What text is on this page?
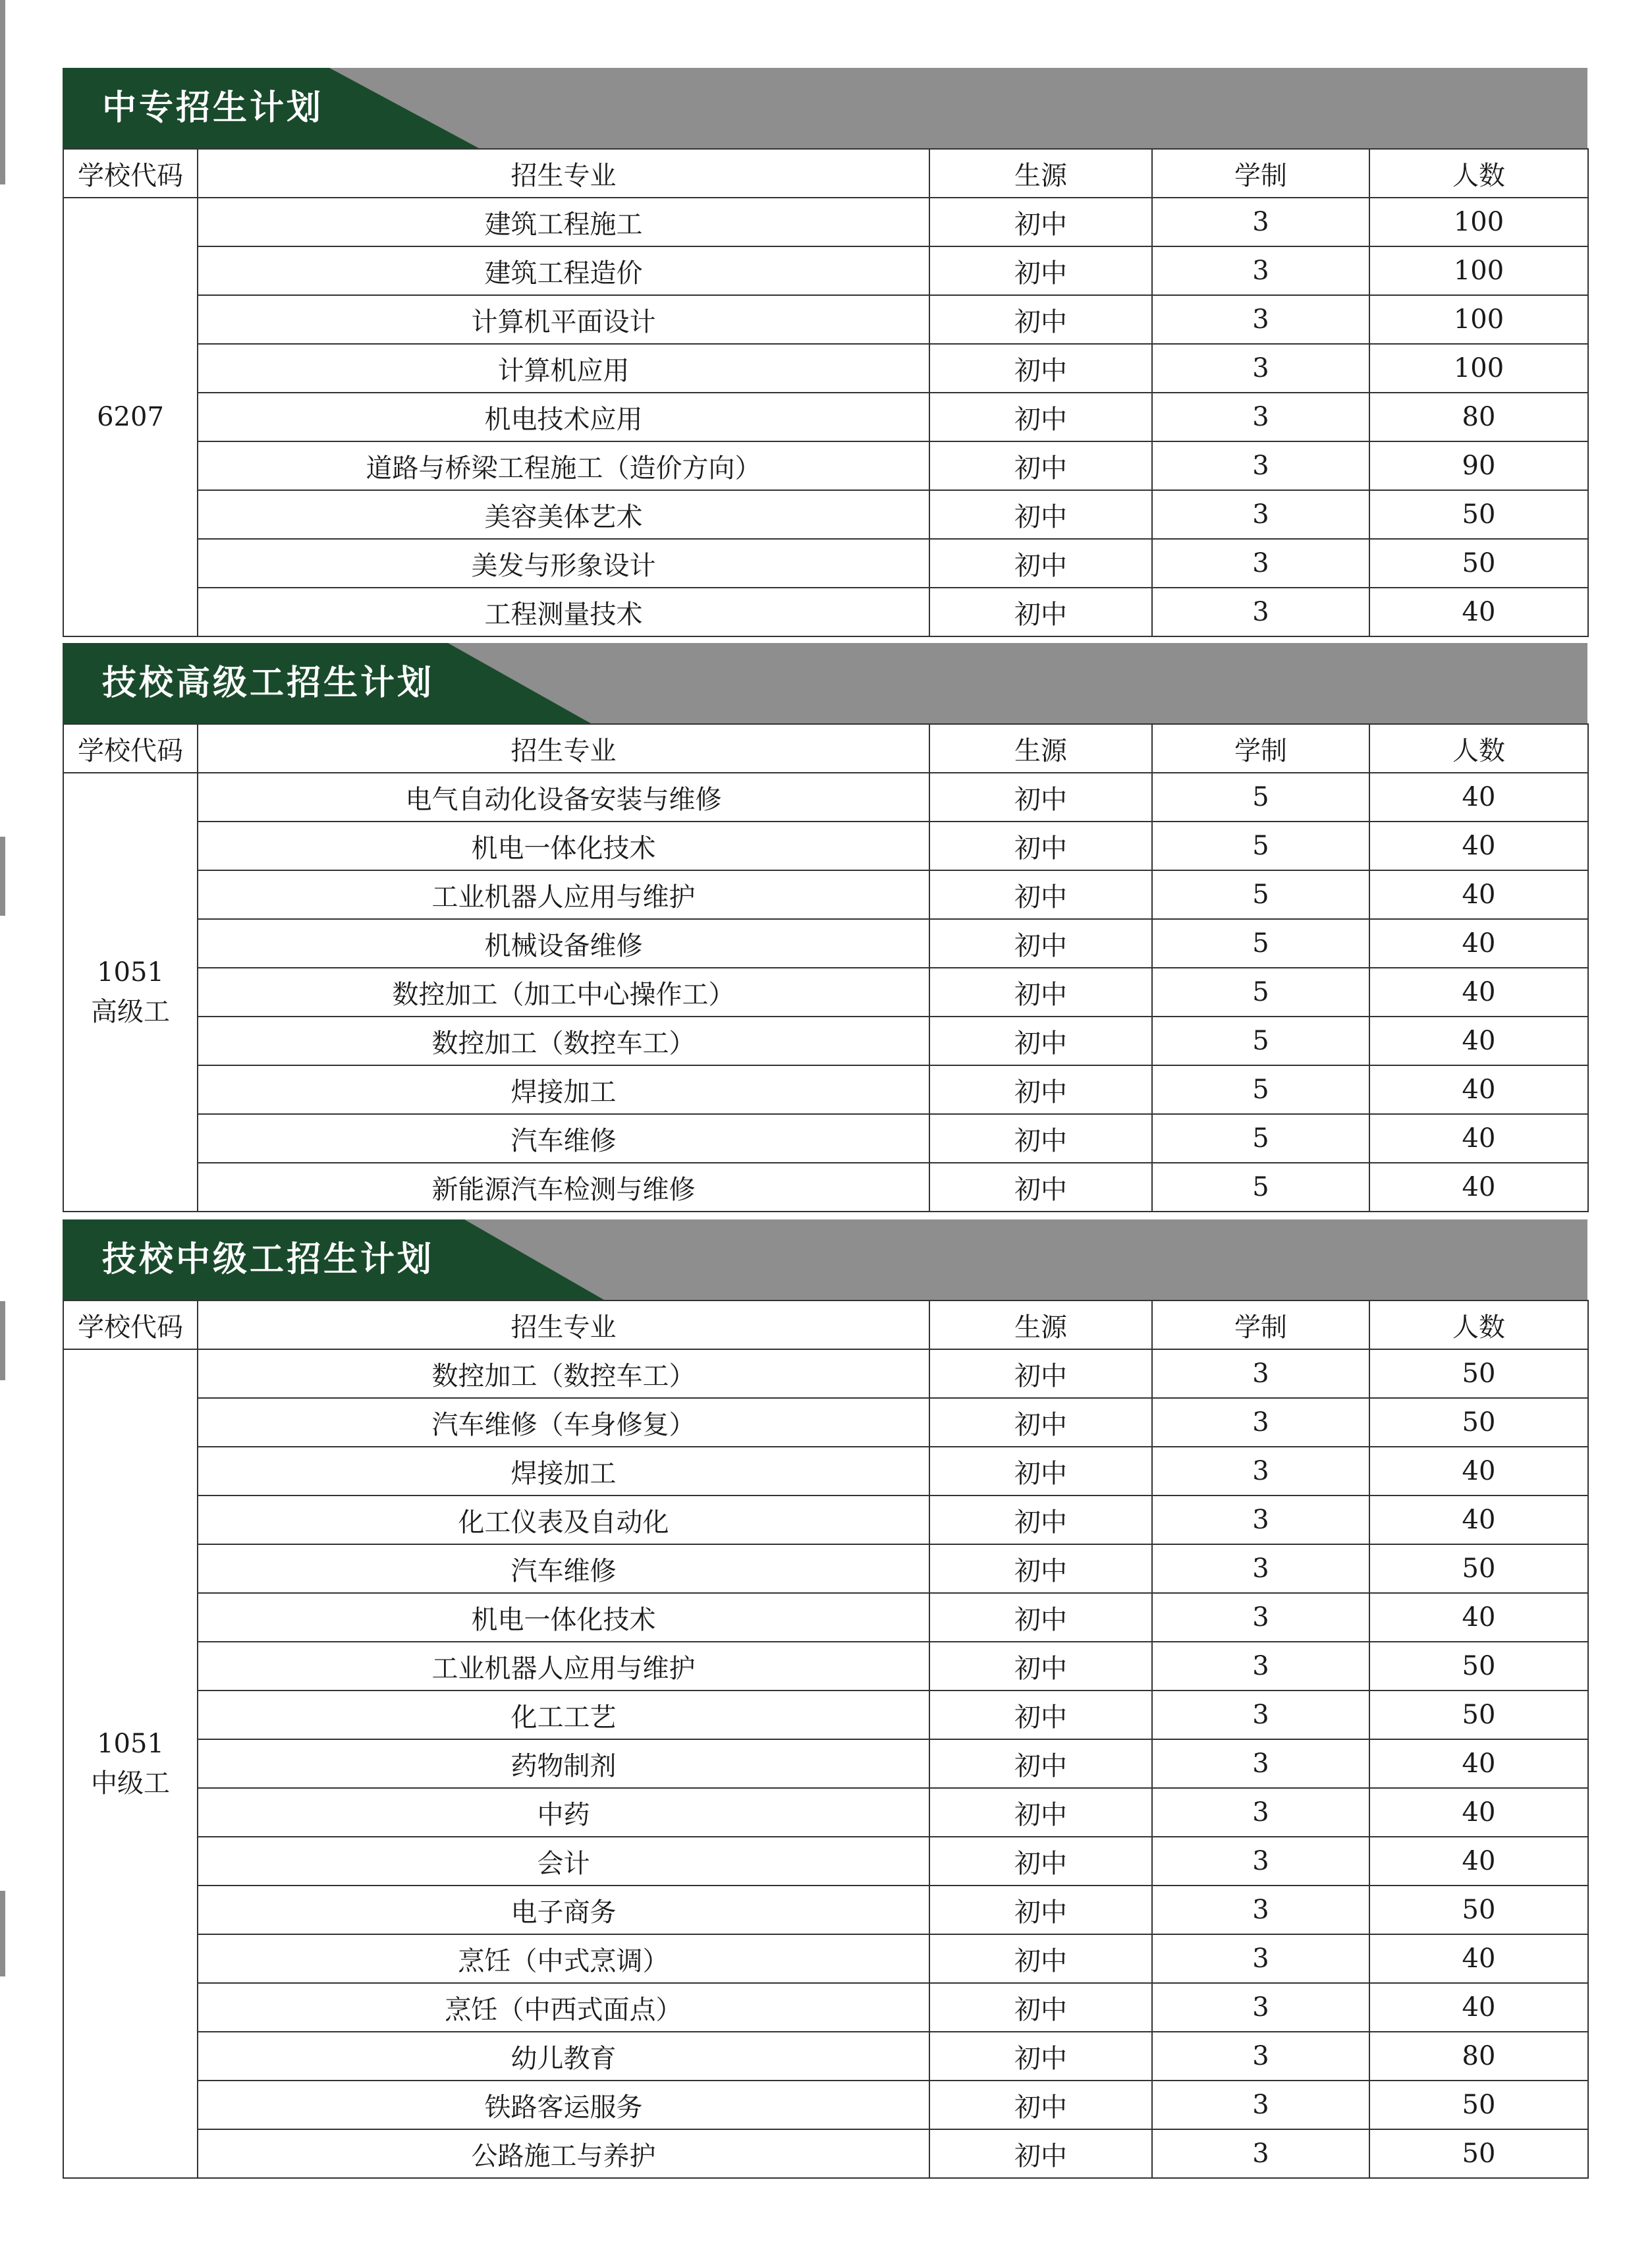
中专招生计划
学校代码	招生专业	生源	学制	人数

6207	建筑工程施工	初中	3	100
	建筑工程造价	初中	3	100
	计算机平面设计	初中	3	100
	计算机应用	初中	3	100
	机电技术应用	初中	3	80
	道路与桥梁工程施工（造价方向）	初中	3	90
	美容美体艺术	初中	3	50
	美发与形象设计	初中	3	50
	工程测量技术	初中	3	40
技校高级工招生计划
学校代码	招生专业	生源	学制	人数

1051
高级工	电气自动化设备安装与维修	初中	5	40
	机电一体化技术	初中	5	40
	工业机器人应用与维护	初中	5	40
	机械设备维修	初中	5	40
	数控加工（加工中心操作工）	初中	5	40
	数控加工（数控车工）	初中	5	40
	焊接加工	初中	5	40
	汽车维修	初中	5	40
	新能源汽车检测与维修	初中	5	40
技校中级工招生计划
学校代码	招生专业	生源	学制	人数

1051
中级工	数控加工（数控车工）	初中	3	50
	汽车维修（车身修复）	初中	3	50
	焊接加工	初中	3	40
	化工仪表及自动化	初中	3	40
	汽车维修	初中	3	50
	机电一体化技术	初中	3	40
	工业机器人应用与维护	初中	3	50
	化工工艺	初中	3	50
	药物制剂	初中	3	40
	中药	初中	3	40
	会计	初中	3	40
	电子商务	初中	3	50
	烹饪（中式烹调）	初中	3	40
	烹饪（中西式面点）	初中	3	40
	幼儿教育	初中	3	80
	铁路客运服务	初中	3	50
	公路施工与养护	初中	3	50
